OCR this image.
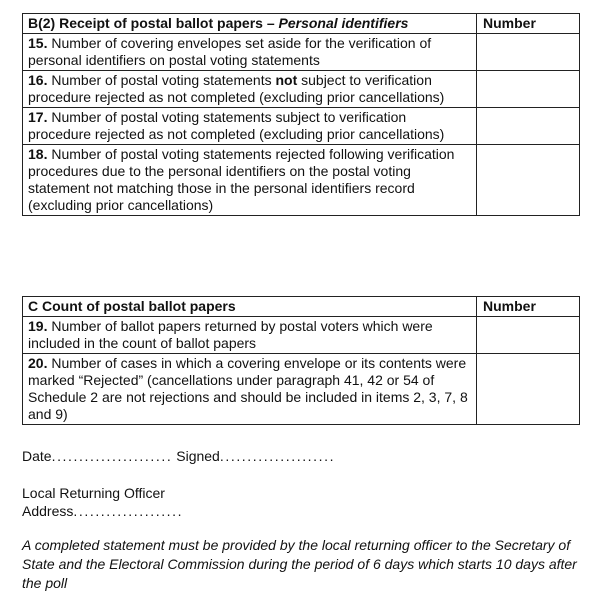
B(2) Receipt of postal ballot papers – Personal identifiers	Number
15. Number of covering envelopes set aside for the verification of personal identifiers on postal voting statements	
16. Number of postal voting statements not subject to verification procedure rejected as not completed (excluding prior cancellations)	
17. Number of postal voting statements subject to verification procedure rejected as not completed (excluding prior cancellations)	
18. Number of postal voting statements rejected following verification procedures due to the personal identifiers on the postal voting statement not matching those in the personal identifiers record (excluding prior cancellations)	
C Count of postal ballot papers	Number
19. Number of ballot papers returned by postal voters which were included in the count of ballot papers	
20. Number of cases in which a covering envelope or its contents were marked “Rejected” (cancellations under paragraph 41, 42 or 54 of Schedule 2 are not rejections and should be included in items 2, 3, 7, 8 and 9)	
Date...................... Signed.....................
Local Returning Officer
Address....................
A completed statement must be provided by the local returning officer to the Secretary of State and the Electoral Commission during the period of 6 days which starts 10 days after the poll
